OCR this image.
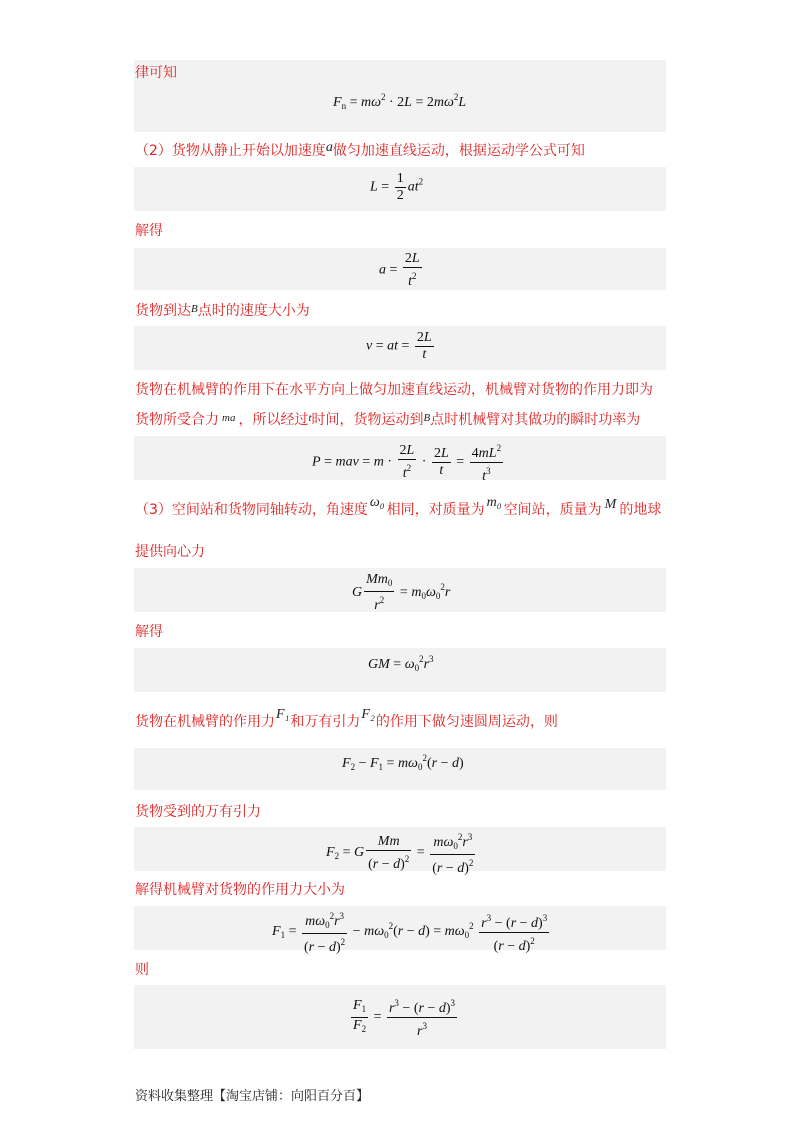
律可知
$F_n = m\omega^2 \cdot 2L = 2m\omega^2L$
（2）货物从静止开始以加速度a做匀加速直线运动，根据运动学公式可知
$L = \frac{1}{2} at^2$
解得
$a = \frac{2L}{t^2}$
货物到达$^B$点时的速度大小为
v = at = $\frac{2L}{t}$
货物在机械臂的作用下在水平方向上做匀加速直线运动，机械臂对货物的作用力即为
货物所受合力 $^{ma}$ ，所以经过$^t$时间，货物运动到$^B$点时机械臂对其做功的瞬时功率为
P = mav = $m \cdot \frac{2L}{t^2} \cdot \frac{2L}{t} = \frac{4mL^2}{t^3}$
（3）空间站和货物同轴转动，角速度 ω₀ 相同，对质量为 m₀ 空间站，质量为 M 的地球
提供向心力
G $\frac{Mm_0}{r^2} = m_0\omega_0^2r$
解得
GM = $\omega_0^2r^3$
货物在机械臂的作用力F₁和万有引力F₂的作用下做匀速圆周运动，则
$F_2 - F_1 = m\omega_0^2(r - d)$
货物受到的万有引力
$F_2 = G \frac{Mm}{(r - d)^2} = \frac{m\omega_0^2r^3}{(r - d)^2}$
解得机械臂对货物的作用力大小为
$F_1 = \frac{m\omega_0^2r^3}{(r - d)^2} - m\omega_0^2(r - d) = m\omega_0^2 \frac{r^3 - (r - d)^3}{(r - d)^2}$
则
$\frac{F_1}{F_2} = \frac{r^3 - (r - d)^3}{r^3}$
资料收集整理【淘宝店铺：向阳百分百】
